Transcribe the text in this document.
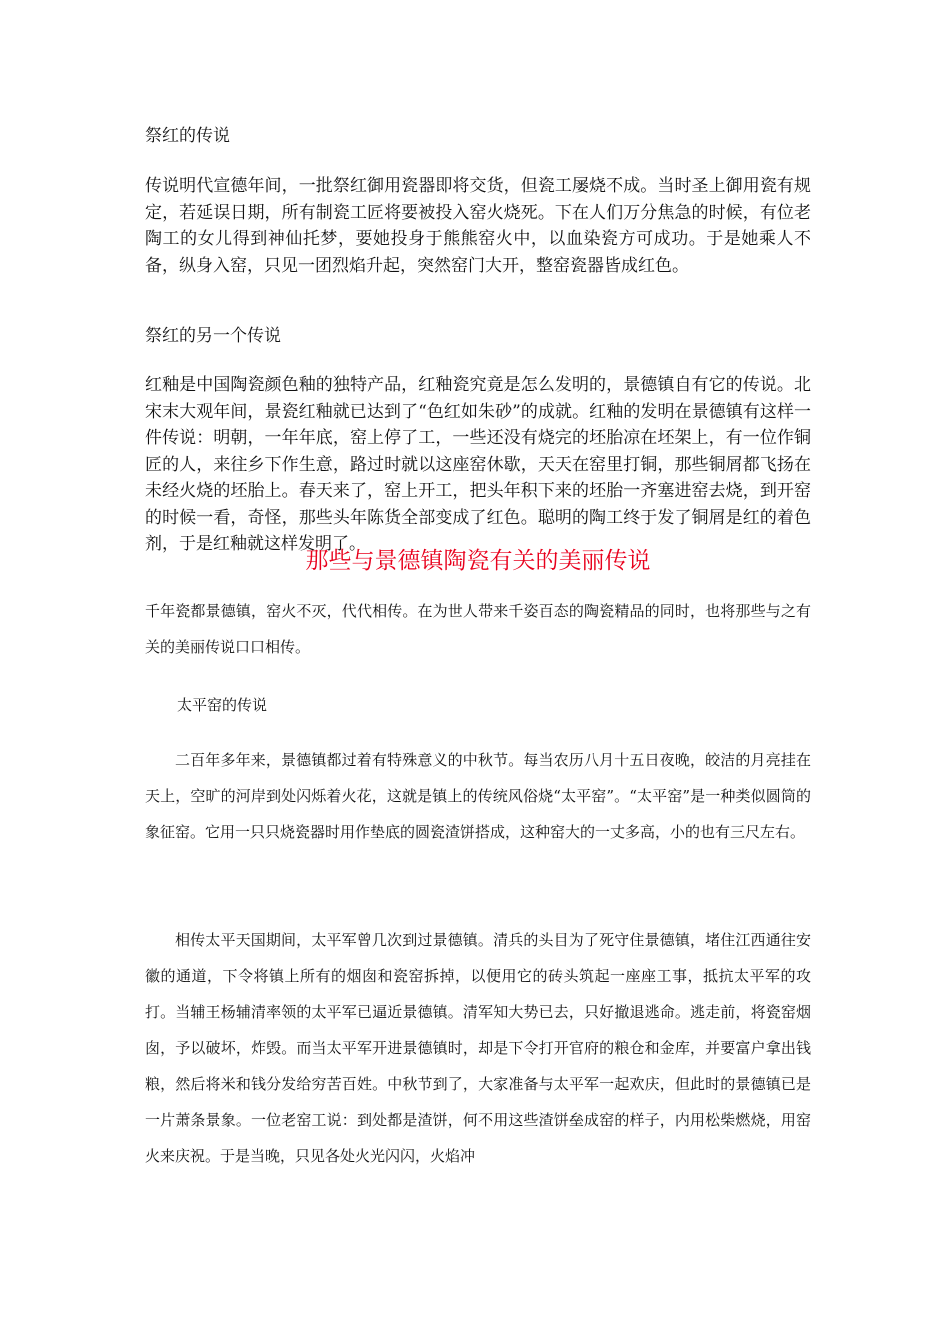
祭红的传说

传说明代宣德年间，一批祭红御用瓷器即将交货，但瓷工屡烧不成。当时圣上御用瓷有规定，若延误日期，所有制瓷工匠将要被投入窑火烧死。下在人们万分焦急的时候，有位老陶工的女儿得到神仙托梦，要她投身于熊熊窑火中，以血染瓷方可成功。于是她乘人不备，纵身入窑，只见一团烈焰升起，突然窑门大开，整窑瓷器皆成红色。

祭红的另一个传说

红釉是中国陶瓷颜色釉的独特产品，红釉瓷究竟是怎么发明的，景德镇自有它的传说。北宋末大观年间，景瓷红釉就已达到了“色红如朱砂”的成就。红釉的发明在景德镇有这样一件传说：明朝，一年年底，窑上停了工，一些还没有烧完的坯胎凉在坯架上，有一位作铜匠的人，来往乡下作生意，路过时就以这座窑休歇，天天在窑里打铜，那些铜屑都飞扬在未经火烧的坯胎上。春天来了，窑上开工，把头年积下来的坯胎一齐塞进窑去烧，到开窑的时候一看，奇怪，那些头年陈货全部变成了红色。聪明的陶工终于发了铜屑是红的着色剂，于是红釉就这样发明了。

那些与景德镇陶瓷有关的美丽传说

千年瓷都景德镇，窑火不灭，代代相传。在为世人带来千姿百态的陶瓷精品的同时，也将那些与之有关的美丽传说口口相传。

太平窑的传说

二百年多年来，景德镇都过着有特殊意义的中秋节。每当农历八月十五日夜晚，皎洁的月亮挂在天上，空旷的河岸到处闪烁着火花，这就是镇上的传统风俗烧“太平窑”。“太平窑”是一种类似圆筒的象征窑。它用一只只烧瓷器时用作垫底的圆瓷渣饼搭成，这种窑大的一丈多高，小的也有三尺左右。

相传太平天国期间，太平军曾几次到过景德镇。清兵的头目为了死守住景德镇，堵住江西通往安徽的通道，下令将镇上所有的烟囱和瓷窑拆掉，以便用它的砖头筑起一座座工事，抵抗太平军的攻打。当辅王杨辅清率领的太平军已逼近景德镇。清军知大势已去，只好撤退逃命。逃走前，将瓷窑烟囱，予以破坏，炸毁。而当太平军开进景德镇时，却是下令打开官府的粮仓和金库，并要富户拿出钱粮，然后将米和钱分发给穷苦百姓。中秋节到了，大家准备与太平军一起欢庆，但此时的景德镇已是一片萧条景象。一位老窑工说：到处都是渣饼，何不用这些渣饼垒成窑的样子，内用松柴燃烧，用窑火来庆祝。于是当晚，只见各处火光闪闪，火焰冲
